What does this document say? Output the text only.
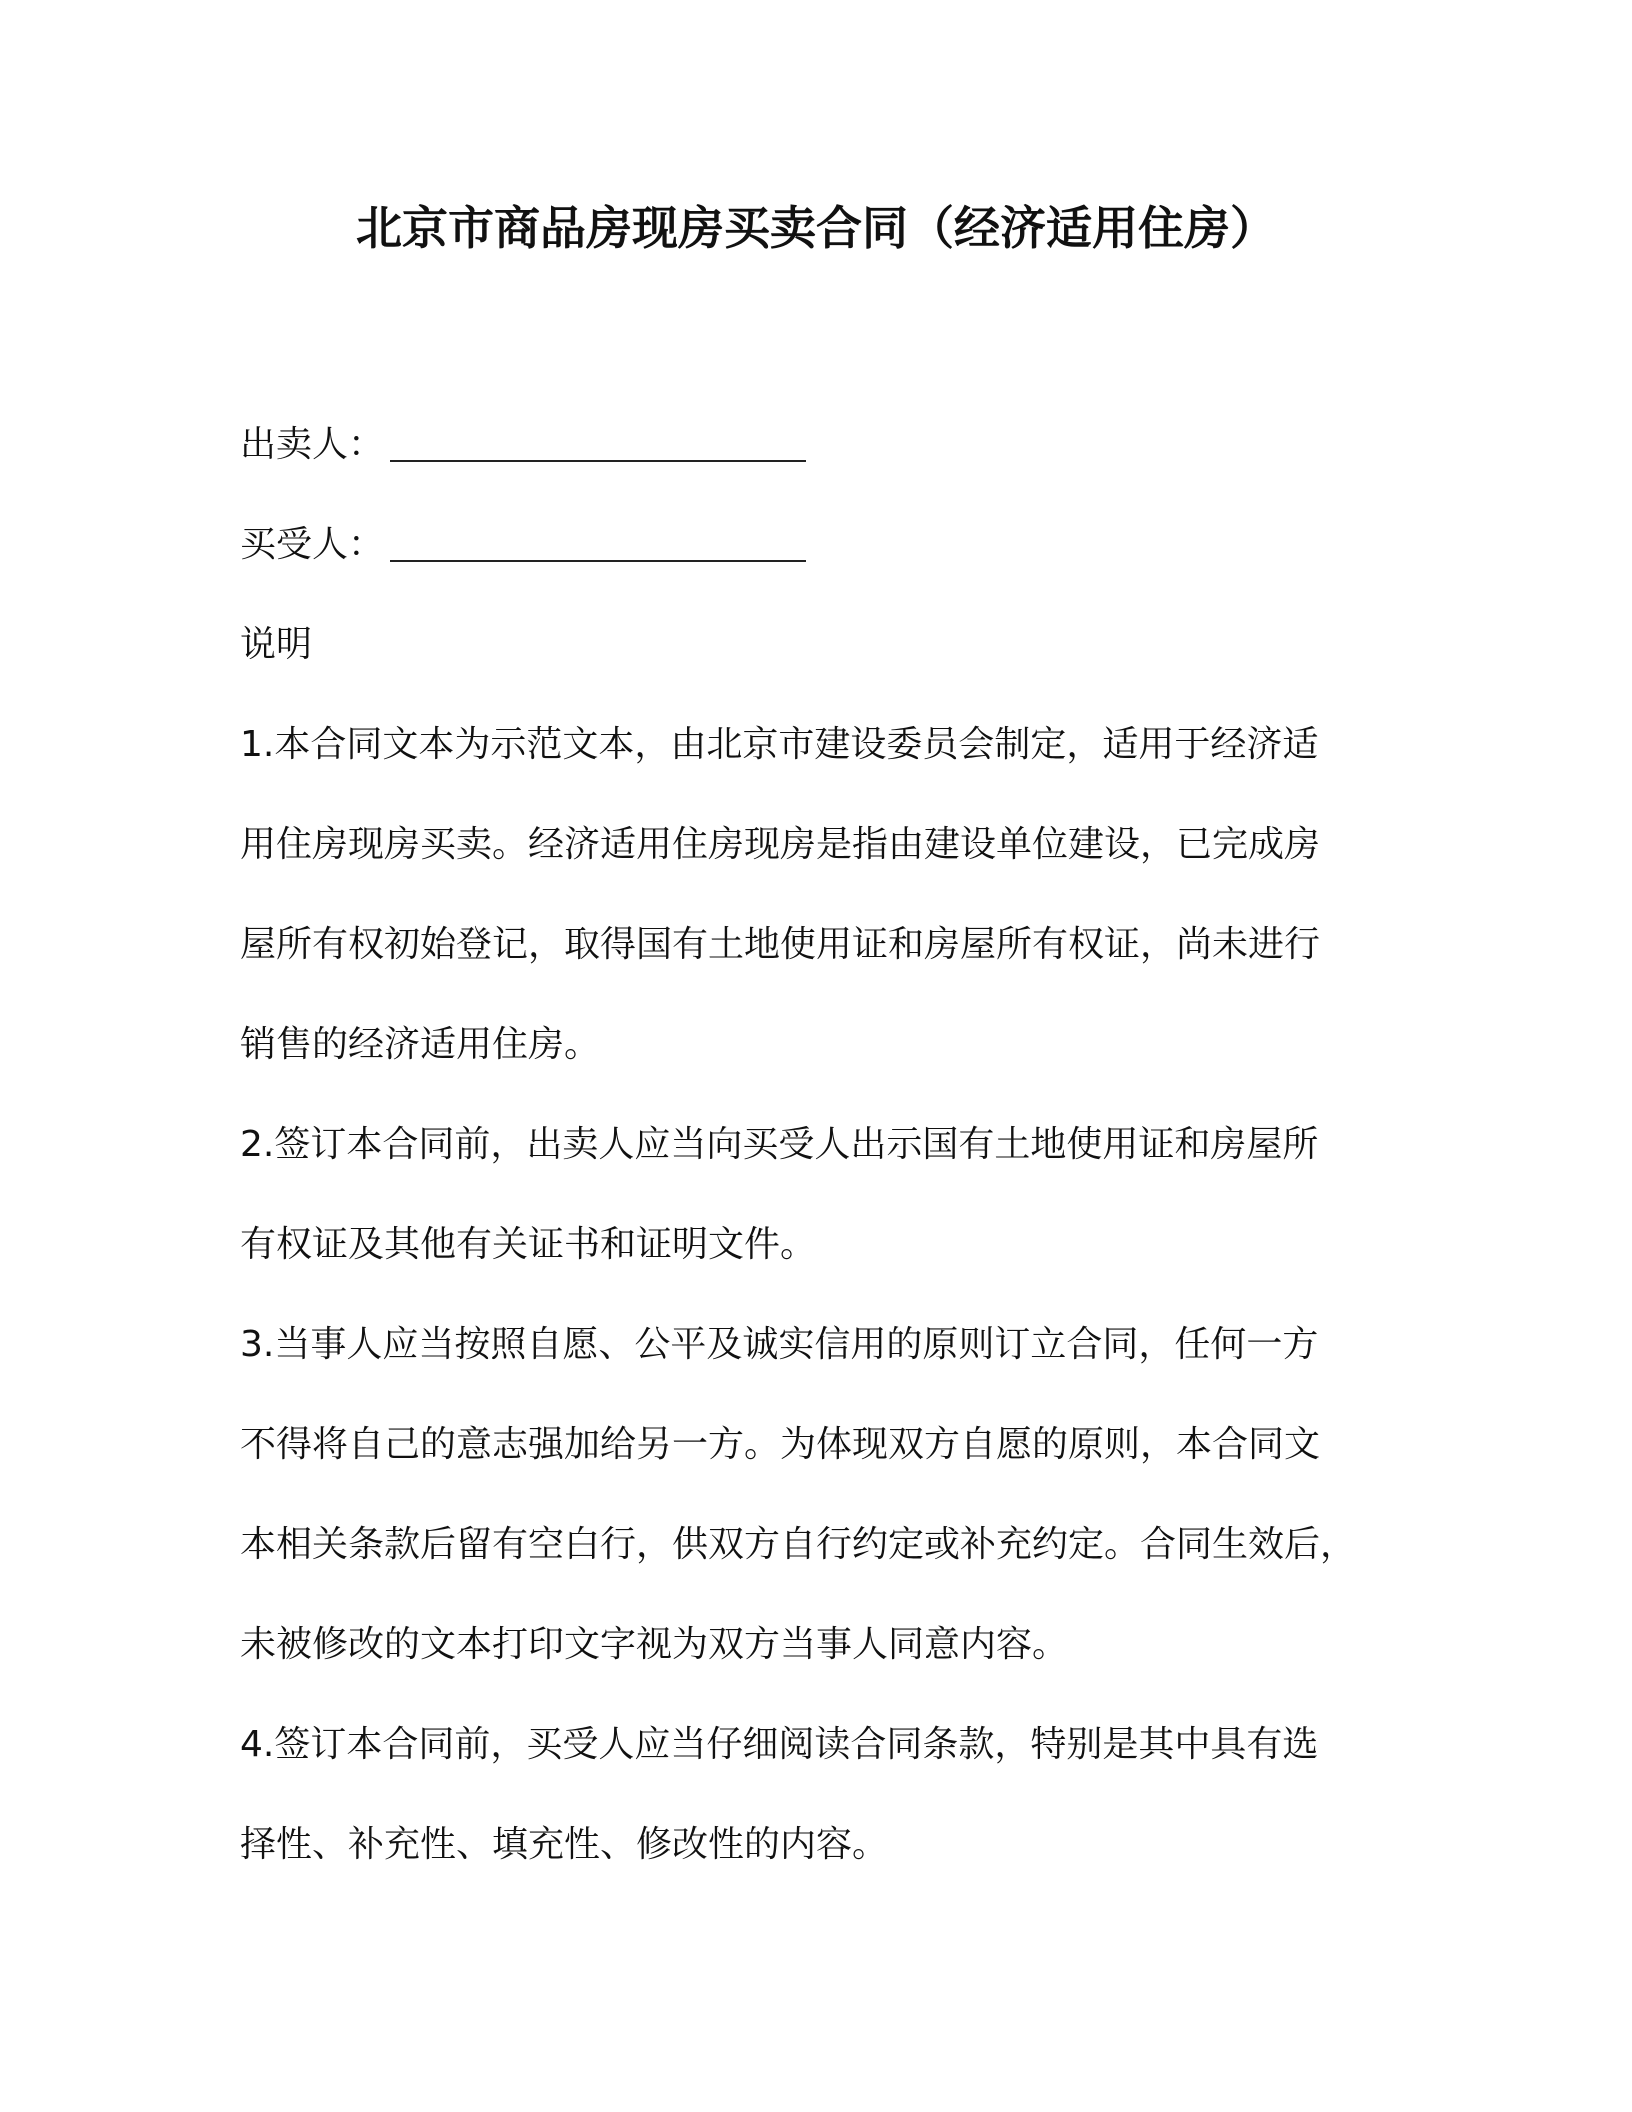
北京市商品房现房买卖合同（经济适用住房）
出卖人：
买受人：
说明
1.本合同文本为示范文本，由北京市建设委员会制定，适用于经济适
用住房现房买卖。经济适用住房现房是指由建设单位建设，已完成房
屋所有权初始登记，取得国有土地使用证和房屋所有权证，尚未进行
销售的经济适用住房。
2.签订本合同前，出卖人应当向买受人出示国有土地使用证和房屋所
有权证及其他有关证书和证明文件。
3.当事人应当按照自愿、公平及诚实信用的原则订立合同，任何一方
不得将自己的意志强加给另一方。为体现双方自愿的原则，本合同文
本相关条款后留有空白行，供双方自行约定或补充约定。合同生效后，
未被修改的文本打印文字视为双方当事人同意内容。
4.签订本合同前，买受人应当仔细阅读合同条款，特别是其中具有选
择性、补充性、填充性、修改性的内容。
